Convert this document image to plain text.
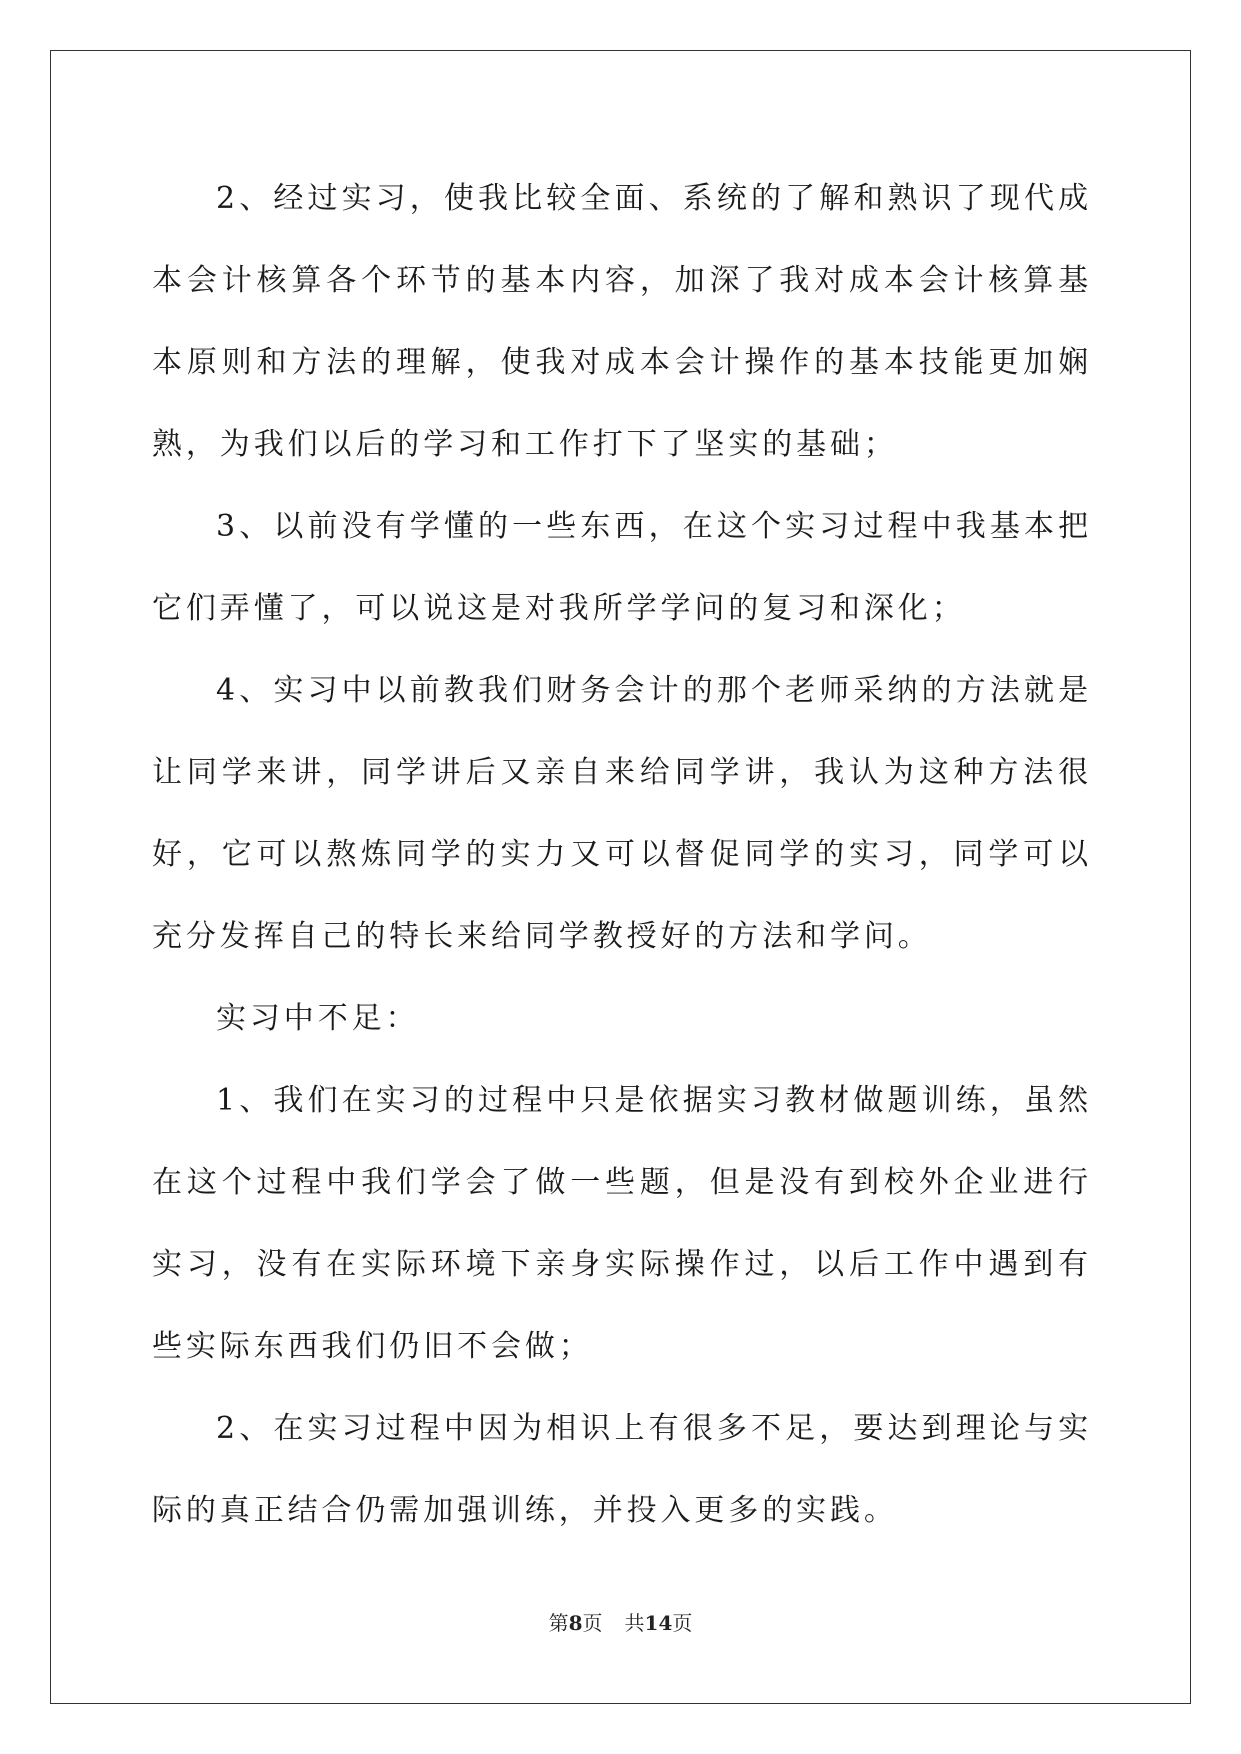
2、经过实习，使我比较全面、系统的了解和熟识了现代成本会计核算各个环节的基本内容，加深了我对成本会计核算基本原则和方法的理解，使我对成本会计操作的基本技能更加娴熟，为我们以后的学习和工作打下了坚实的基础；

3、以前没有学懂的一些东西，在这个实习过程中我基本把它们弄懂了，可以说这是对我所学学问的复习和深化；

4、实习中以前教我们财务会计的那个老师采纳的方法就是让同学来讲，同学讲后又亲自来给同学讲，我认为这种方法很好，它可以熬炼同学的实力又可以督促同学的实习，同学可以充分发挥自己的特长来给同学教授好的方法和学问。

实习中不足：

1、我们在实习的过程中只是依据实习教材做题训练，虽然在这个过程中我们学会了做一些题，但是没有到校外企业进行实习，没有在实际环境下亲身实际操作过，以后工作中遇到有些实际东西我们仍旧不会做；

2、在实习过程中因为相识上有很多不足，要达到理论与实际的真正结合仍需加强训练，并投入更多的实践。

第8页 共14页
